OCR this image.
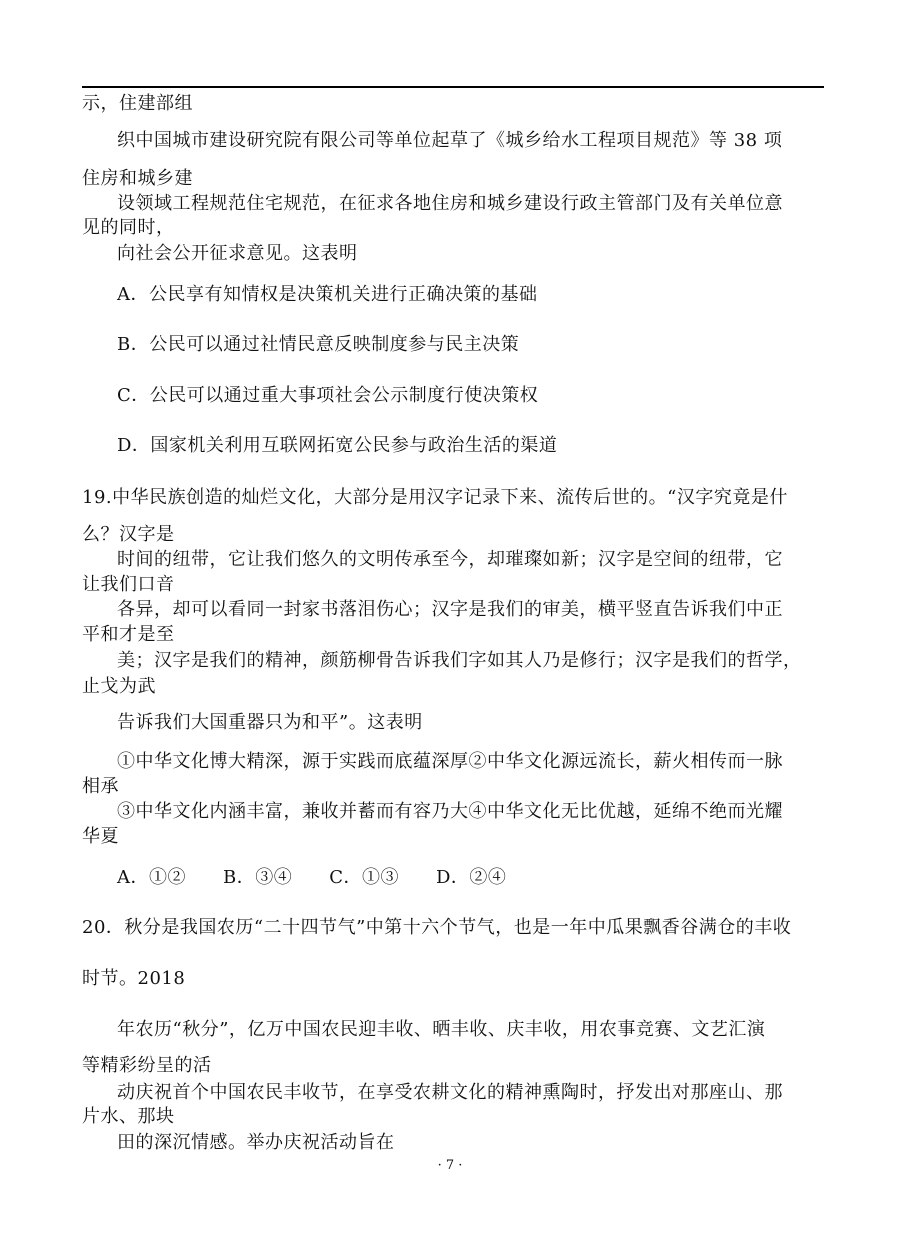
示，住建部组
织中国城市建设研究院有限公司等单位起草了《城乡给水工程项目规范》等 38 项
住房和城乡建
设领域工程规范住宅规范，在征求各地住房和城乡建设行政主管部门及有关单位意
见的同时，
向社会公开征求意见。这表明
A．公民享有知情权是决策机关进行正确决策的基础
B．公民可以通过社情民意反映制度参与民主决策
C．公民可以通过重大事项社会公示制度行使决策权
D．国家机关利用互联网拓宽公民参与政治生活的渠道
19.中华民族创造的灿烂文化，大部分是用汉字记录下来、流传后世的。“汉字究竟是什
么？汉字是
时间的纽带，它让我们悠久的文明传承至今，却璀璨如新；汉字是空间的纽带，它
让我们口音
各异，却可以看同一封家书落泪伤心；汉字是我们的审美，横平竖直告诉我们中正
平和才是至
美；汉字是我们的精神，颜筋柳骨告诉我们字如其人乃是修行；汉字是我们的哲学，
止戈为武
告诉我们大国重器只为和平”。这表明
①中华文化博大精深，源于实践而底蕴深厚②中华文化源远流长，薪火相传而一脉
相承
③中华文化内涵丰富，兼收并蓄而有容乃大④中华文化无比优越，延绵不绝而光耀
华夏
A．①②　　B．③④　　C．①③　　D．②④
20．秋分是我国农历“二十四节气”中第十六个节气，也是一年中瓜果飘香谷满仓的丰收
时节。2018
年农历“秋分”，亿万中国农民迎丰收、晒丰收、庆丰收，用农事竞赛、文艺汇演
等精彩纷呈的活
动庆祝首个中国农民丰收节，在享受农耕文化的精神熏陶时，抒发出对那座山、那
片水、那块
田的深沉情感。举办庆祝活动旨在
· 7 ·
